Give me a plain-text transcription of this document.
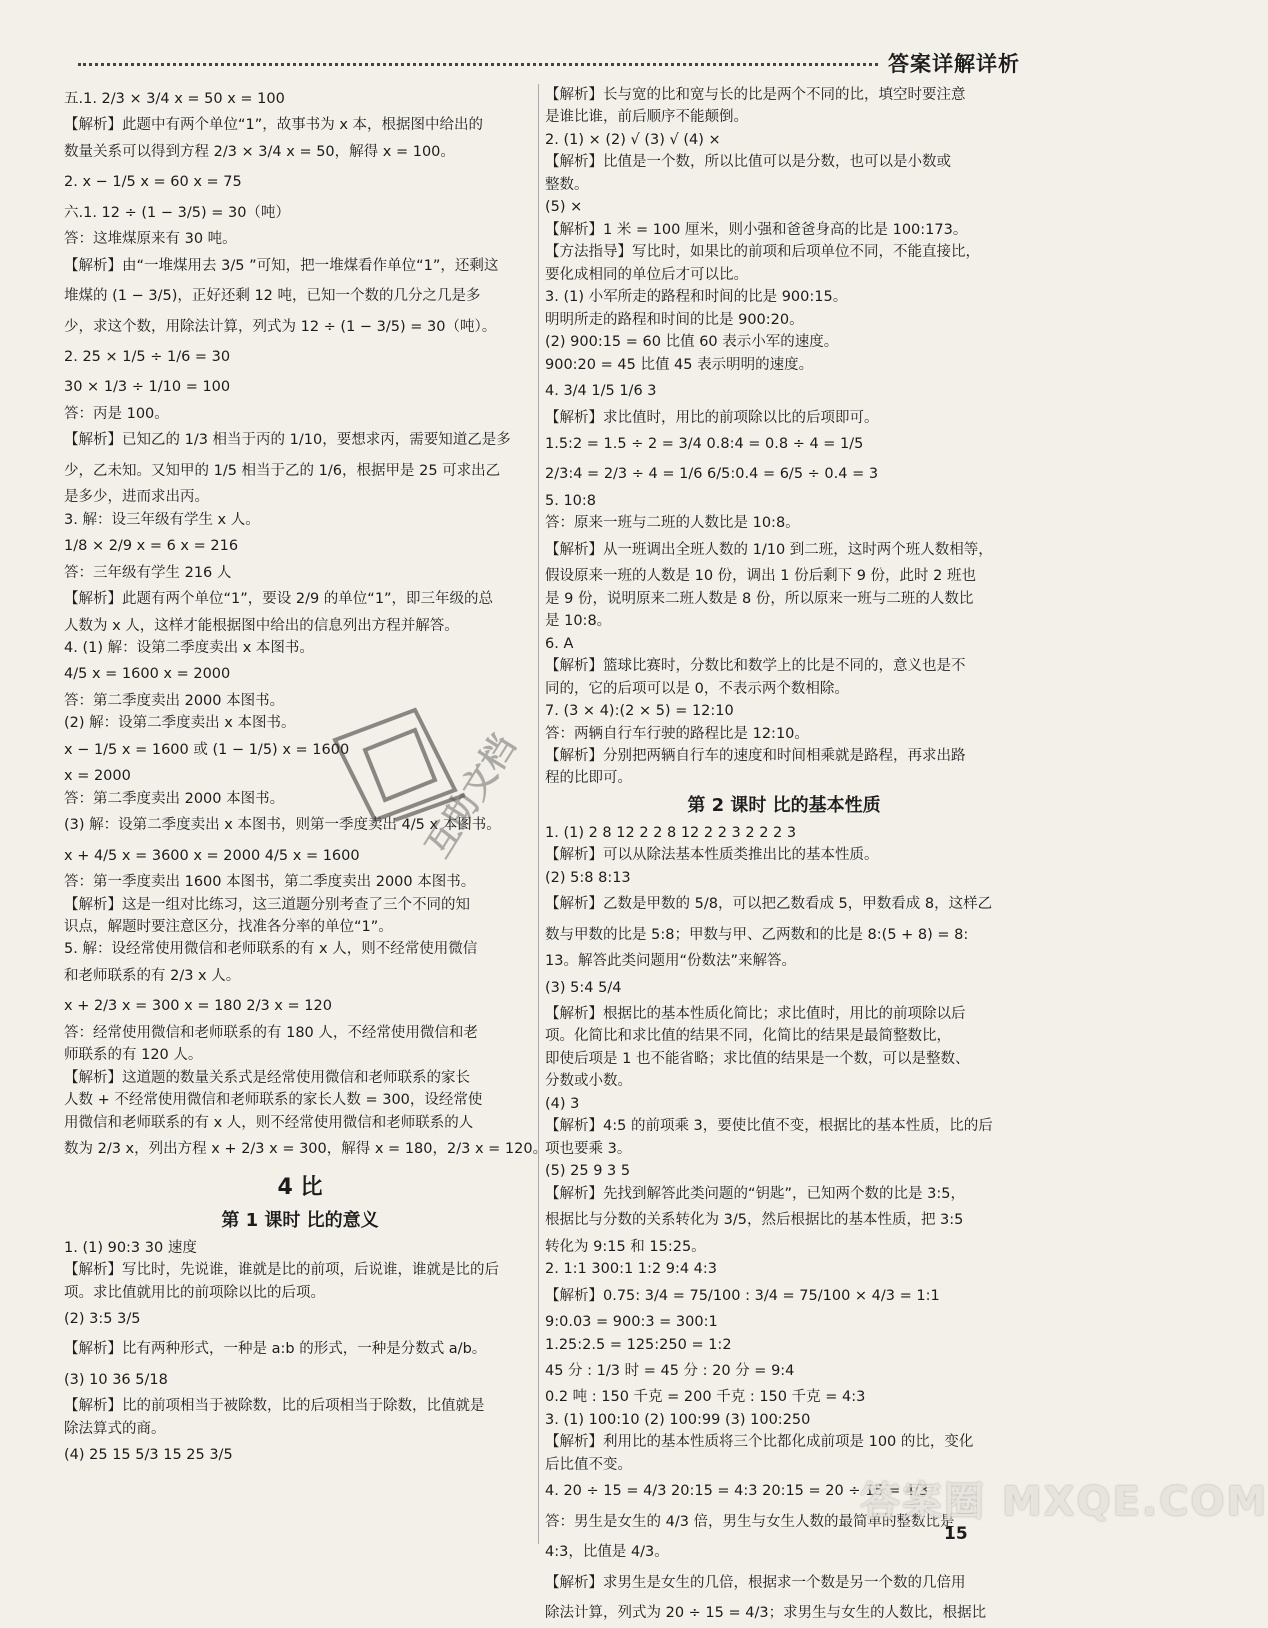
答案详解详析
五.1. 2/3 × 3/4 x = 50 x = 100
【解析】此题中有两个单位“1”，故事书为 x 本，根据图中给出的
数量关系可以得到方程 2/3 × 3/4 x = 50，解得 x = 100。
2. x − 1/5 x = 60 x = 75
六.1. 12 ÷ (1 − 3/5) = 30（吨）
答：这堆煤原来有 30 吨。
【解析】由“一堆煤用去 3/5 ”可知，把一堆煤看作单位“1”，还剩这
堆煤的 (1 − 3/5)，正好还剩 12 吨，已知一个数的几分之几是多
少，求这个数，用除法计算，列式为 12 ÷ (1 − 3/5) = 30（吨）。
2. 25 × 1/5 ÷ 1/6 = 30
30 × 1/3 ÷ 1/10 = 100
答：丙是 100。
【解析】已知乙的 1/3 相当于丙的 1/10，要想求丙，需要知道乙是多
少，乙未知。又知甲的 1/5 相当于乙的 1/6，根据甲是 25 可求出乙
是多少，进而求出丙。
3. 解：设三年级有学生 x 人。
1/8 × 2/9 x = 6 x = 216
答：三年级有学生 216 人
【解析】此题有两个单位“1”，要设 2/9 的单位“1”，即三年级的总
人数为 x 人，这样才能根据图中给出的信息列出方程并解答。
4. (1) 解：设第二季度卖出 x 本图书。
4/5 x = 1600 x = 2000
答：第二季度卖出 2000 本图书。
(2) 解：设第二季度卖出 x 本图书。
x − 1/5 x = 1600 或 (1 − 1/5) x = 1600
x = 2000
答：第二季度卖出 2000 本图书。
(3) 解：设第二季度卖出 x 本图书，则第一季度卖出 4/5 x 本图书。
x + 4/5 x = 3600 x = 2000 4/5 x = 1600
答：第一季度卖出 1600 本图书，第二季度卖出 2000 本图书。
【解析】这是一组对比练习，这三道题分别考查了三个不同的知
识点，解题时要注意区分，找准各分率的单位“1”。
5. 解：设经常使用微信和老师联系的有 x 人，则不经常使用微信
和老师联系的有 2/3 x 人。
x + 2/3 x = 300 x = 180 2/3 x = 120
答：经常使用微信和老师联系的有 180 人，不经常使用微信和老
师联系的有 120 人。
【解析】这道题的数量关系式是经常使用微信和老师联系的家长
人数 + 不经常使用微信和老师联系的家长人数 = 300，设经常使
用微信和老师联系的有 x 人，则不经常使用微信和老师联系的人
数为 2/3 x，列出方程 x + 2/3 x = 300，解得 x = 180，2/3 x = 120。
4 比
第 1 课时 比的意义
1. (1) 90:3 30 速度
【解析】写比时，先说谁，谁就是比的前项，后说谁，谁就是比的后
项。求比值就用比的前项除以比的后项。
(2) 3:5 3/5
【解析】比有两种形式，一种是 a:b 的形式，一种是分数式 a/b。
(3) 10 36 5/18
【解析】比的前项相当于被除数，比的后项相当于除数，比值就是
除法算式的商。
(4) 25 15 5/3 15 25 3/5
【解析】长与宽的比和宽与长的比是两个不同的比，填空时要注意
是谁比谁，前后顺序不能颠倒。
2. (1) × (2) √ (3) √ (4) ×
【解析】比值是一个数，所以比值可以是分数，也可以是小数或
整数。
(5) ×
【解析】1 米 = 100 厘米，则小强和爸爸身高的比是 100:173。
【方法指导】写比时，如果比的前项和后项单位不同，不能直接比，
要化成相同的单位后才可以比。
3. (1) 小军所走的路程和时间的比是 900:15。
明明所走的路程和时间的比是 900:20。
(2) 900:15 = 60 比值 60 表示小军的速度。
900:20 = 45 比值 45 表示明明的速度。
4. 3/4 1/5 1/6 3
【解析】求比值时，用比的前项除以比的后项即可。
1.5:2 = 1.5 ÷ 2 = 3/4 0.8:4 = 0.8 ÷ 4 = 1/5
2/3:4 = 2/3 ÷ 4 = 1/6 6/5:0.4 = 6/5 ÷ 0.4 = 3
5. 10:8
答：原来一班与二班的人数比是 10:8。
【解析】从一班调出全班人数的 1/10 到二班，这时两个班人数相等，
假设原来一班的人数是 10 份，调出 1 份后剩下 9 份，此时 2 班也
是 9 份，说明原来二班人数是 8 份，所以原来一班与二班的人数比
是 10:8。
6. A
【解析】篮球比赛时，分数比和数学上的比是不同的，意义也是不
同的，它的后项可以是 0，不表示两个数相除。
7. (3 × 4):(2 × 5) = 12:10
答：两辆自行车行驶的路程比是 12:10。
【解析】分别把两辆自行车的速度和时间相乘就是路程，再求出路
程的比即可。
第 2 课时 比的基本性质
1. (1) 2 8 12 2 2 8 12 2 2 3 2 2 2 3
【解析】可以从除法基本性质类推出比的基本性质。
(2) 5:8 8:13
【解析】乙数是甲数的 5/8，可以把乙数看成 5，甲数看成 8，这样乙
数与甲数的比是 5:8；甲数与甲、乙两数和的比是 8:(5 + 8) = 8:
13。解答此类问题用“份数法”来解答。
(3) 5:4 5/4
【解析】根据比的基本性质化简比；求比值时，用比的前项除以后
项。化简比和求比值的结果不同，化简比的结果是最简整数比，
即使后项是 1 也不能省略；求比值的结果是一个数，可以是整数、
分数或小数。
(4) 3
【解析】4:5 的前项乘 3，要使比值不变，根据比的基本性质，比的后
项也要乘 3。
(5) 25 9 3 5
【解析】先找到解答此类问题的“钥匙”，已知两个数的比是 3:5，
根据比与分数的关系转化为 3/5，然后根据比的基本性质，把 3:5
转化为 9:15 和 15:25。
2. 1:1 300:1 1:2 9:4 4:3
【解析】0.75: 3/4 = 75/100 : 3/4 = 75/100 × 4/3 = 1:1
9:0.03 = 900:3 = 300:1
1.25:2.5 = 125:250 = 1:2
45 分 : 1/3 时 = 45 分 : 20 分 = 9:4
0.2 吨 : 150 千克 = 200 千克 : 150 千克 = 4:3
3. (1) 100:10 (2) 100:99 (3) 100:250
【解析】利用比的基本性质将三个比都化成前项是 100 的比，变化
后比值不变。
4. 20 ÷ 15 = 4/3 20:15 = 4:3 20:15 = 20 ÷ 15 = 4/3
答：男生是女生的 4/3 倍，男生与女生人数的最简单的整数比是
4:3，比值是 4/3。
【解析】求男生是女生的几倍，根据求一个数是另一个数的几倍用
除法计算，列式为 20 ÷ 15 = 4/3；求男生与女生的人数比，根据比
互助文档
答案圈 MXQE.COM
15
